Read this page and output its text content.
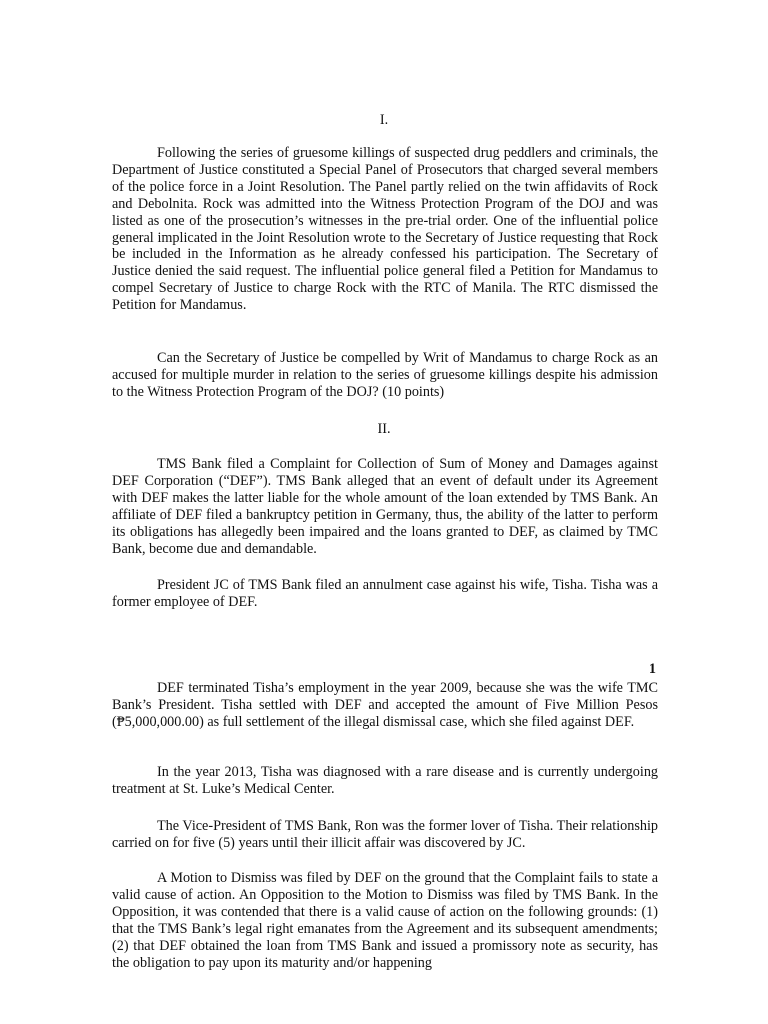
I.

Following the series of gruesome killings of suspected drug peddlers and criminals, the Department of Justice constituted a Special Panel of Prosecutors that charged several members of the police force in a Joint Resolution. The Panel partly relied on the twin affidavits of Rock and Debolnita. Rock was admitted into the Witness Protection Program of the DOJ and was listed as one of the prosecution’s witnesses in the pre-trial order. One of the influential police general implicated in the Joint Resolution wrote to the Secretary of Justice requesting that Rock be included in the Information as he already confessed his participation. The Secretary of Justice denied the said request. The influential police general filed a Petition for Mandamus to compel Secretary of Justice to charge Rock with the RTC of Manila. The RTC dismissed the Petition for Mandamus.

Can the Secretary of Justice be compelled by Writ of Mandamus to charge Rock as an accused for multiple murder in relation to the series of gruesome killings despite his admission to the Witness Protection Program of the DOJ? (10 points)

II.

TMS Bank filed a Complaint for Collection of Sum of Money and Damages against DEF Corporation (“DEF”). TMS Bank alleged that an event of default under its Agreement with DEF makes the latter liable for the whole amount of the loan extended by TMS Bank. An affiliate of DEF filed a bankruptcy petition in Germany, thus, the ability of the latter to perform its obligations has allegedly been impaired and the loans granted to DEF, as claimed by TMC Bank, become due and demandable.

President JC of TMS Bank filed an annulment case against his wife, Tisha. Tisha was a former employee of DEF.

1

DEF terminated Tisha’s employment in the year 2009, because she was the wife TMC Bank’s President. Tisha settled with DEF and accepted the amount of Five Million Pesos (₱5,000,000.00) as full settlement of the illegal dismissal case, which she filed against DEF.

In the year 2013, Tisha was diagnosed with a rare disease and is currently undergoing treatment at St. Luke’s Medical Center.

The Vice-President of TMS Bank, Ron was the former lover of Tisha. Their relationship carried on for five (5) years until their illicit affair was discovered by JC.

A Motion to Dismiss was filed by DEF on the ground that the Complaint fails to state a valid cause of action. An Opposition to the Motion to Dismiss was filed by TMS Bank. In the Opposition, it was contended that there is a valid cause of action on the following grounds: (1) that the TMS Bank’s legal right emanates from the Agreement and its subsequent amendments; (2) that DEF obtained the loan from TMS Bank and issued a promissory note as security, has the obligation to pay upon its maturity and/or happening
